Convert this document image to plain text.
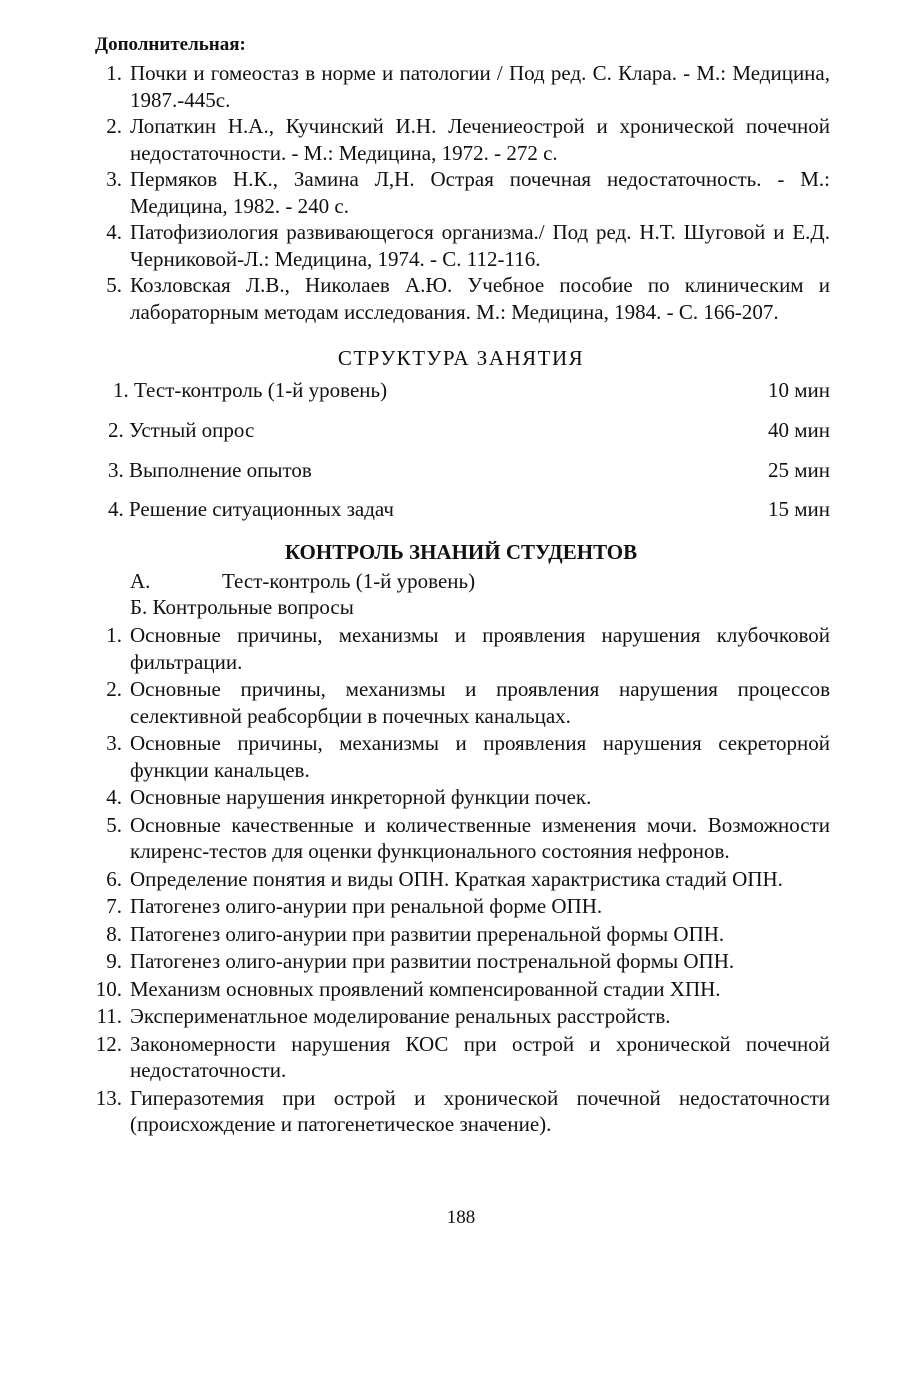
Дополнительная:
1. Почки и гомеостаз в норме и патологии / Под ред. С. Клара. - М.: Медицина, 1987.-445с.
2. Лопаткин Н.А., Кучинский И.Н. Лечениеострой и хронической почечной недостаточности. - М.: Медицина, 1972. - 272 с.
3. Пермяков Н.К., Замина Л,Н. Острая почечная недостаточность. - М.: Медицина, 1982. - 240 с.
4. Патофизиология развивающегося организма./ Под ред. Н.Т. Шуговой и Е.Д. Черниковой-Л.: Медицина, 1974. - С. 112-116.
5. Козловская Л.В., Николаев А.Ю. Учебное пособие по клиническим и лабораторным методам исследования. М.: Медицина, 1984. - С. 166-207.
СТРУКТУРА ЗАНЯТИЯ
1. Тест-контроль (1-й уровень)	10 мин
2. Устный опрос	40 мин
3. Выполнение опытов	25 мин
4. Решение ситуационных задач	15 мин
КОНТРОЛЬ ЗНАНИЙ СТУДЕНТОВ
А.	Тест-контроль (1-й уровень)
Б. Контрольные вопросы
1. Основные причины, механизмы и проявления нарушения клубочковой фильтрации.
2. Основные причины, механизмы и проявления нарушения процессов селективной реабсорбции в почечных канальцах.
3. Основные причины, механизмы и проявления нарушения секреторной функции канальцев.
4. Основные нарушения инкреторной функции почек.
5. Основные качественные и количественные изменения мочи. Возможности клиренс-тестов для оценки функционального состояния нефронов.
6. Определение понятия и виды ОПН. Краткая характристика стадий ОПН.
7. Патогенез олиго-анурии при ренальной форме ОПН.
8. Патогенез олиго-анурии при развитии преренальной формы ОПН.
9. Патогенез олиго-анурии при развитии постренальной формы ОПН.
10. Механизм основных проявлений компенсированной стадии ХПН.
11. Эксперименатльное моделирование ренальных расстройств.
12. Закономерности нарушения КОС при острой и хронической почечной недостаточности.
13. Гиперазотемия при острой и хронической почечной недостаточности (происхождение и патогенетическое значение).
188
